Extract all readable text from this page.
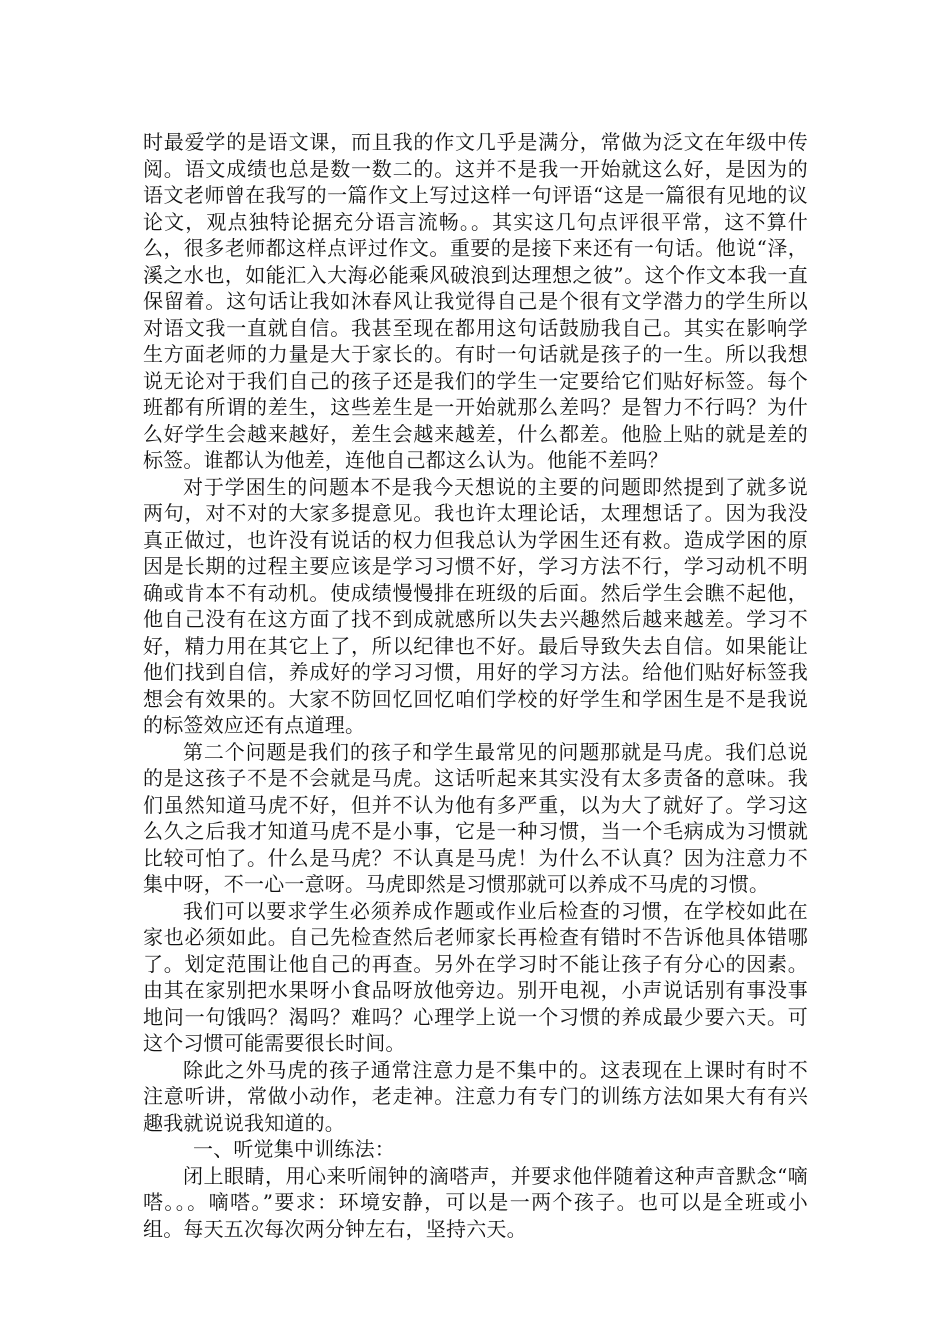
时最爱学的是语文课，而且我的作文几乎是满分，常做为泛文在年级中传阅。语文成绩也总是数一数二的。这并不是我一开始就这么好，是因为的语文老师曾在我写的一篇作文上写过这样一句评语“这是一篇很有见地的议论文，观点独特论据充分语言流畅。。其实这几句点评很平常，这不算什么，很多老师都这样点评过作文。重要的是接下来还有一句话。他说“泽，溪之水也，如能汇入大海必能乘风破浪到达理想之彼”。这个作文本我一直保留着。这句话让我如沐春风让我觉得自己是个很有文学潜力的学生所以对语文我一直就自信。我甚至现在都用这句话鼓励我自己。其实在影响学生方面老师的力量是大于家长的。有时一句话就是孩子的一生。所以我想说无论对于我们自己的孩子还是我们的学生一定要给它们贴好标签。每个班都有所谓的差生，这些差生是一开始就那么差吗？是智力不行吗？为什么好学生会越来越好，差生会越来越差，什么都差。他脸上贴的就是差的标签。谁都认为他差，连他自己都这么认为。他能不差吗？

对于学困生的问题本不是我今天想说的主要的问题即然提到了就多说两句，对不对的大家多提意见。我也许太理论话，太理想话了。因为我没真正做过，也许没有说话的权力但我总认为学困生还有救。造成学困的原因是长期的过程主要应该是学习习惯不好，学习方法不行，学习动机不明确或肯本不有动机。使成绩慢慢排在班级的后面。然后学生会瞧不起他，他自己没有在这方面了找不到成就感所以失去兴趣然后越来越差。学习不好，精力用在其它上了，所以纪律也不好。最后导致失去自信。如果能让他们找到自信，养成好的学习习惯，用好的学习方法。给他们贴好标签我想会有效果的。大家不防回忆回忆咱们学校的好学生和学困生是不是我说的标签效应还有点道理。

第二个问题是我们的孩子和学生最常见的问题那就是马虎。我们总说的是这孩子不是不会就是马虎。这话听起来其实没有太多责备的意味。我们虽然知道马虎不好，但并不认为他有多严重，以为大了就好了。学习这么久之后我才知道马虎不是小事，它是一种习惯，当一个毛病成为习惯就比较可怕了。什么是马虎？不认真是马虎！为什么不认真？因为注意力不集中呀，不一心一意呀。马虎即然是习惯那就可以养成不马虎的习惯。

我们可以要求学生必须养成作题或作业后检查的习惯，在学校如此在家也必须如此。自己先检查然后老师家长再检查有错时不告诉他具体错哪了。划定范围让他自己的再查。另外在学习时不能让孩子有分心的因素。由其在家别把水果呀小食品呀放他旁边。别开电视，小声说话别有事没事地问一句饿吗？渴吗？难吗？心理学上说一个习惯的养成最少要六天。可这个习惯可能需要很长时间。

除此之外马虎的孩子通常注意力是不集中的。这表现在上课时有时不注意听讲，常做小动作，老走神。注意力有专门的训练方法如果大有有兴趣我就说说我知道的。

一、听觉集中训练法：

闭上眼睛，用心来听闹钟的滴嗒声，并要求他伴随着这种声音默念“嘀嗒。。。嘀嗒。”要求：环境安静，可以是一两个孩子。也可以是全班或小组。每天五次每次两分钟左右，坚持六天。
